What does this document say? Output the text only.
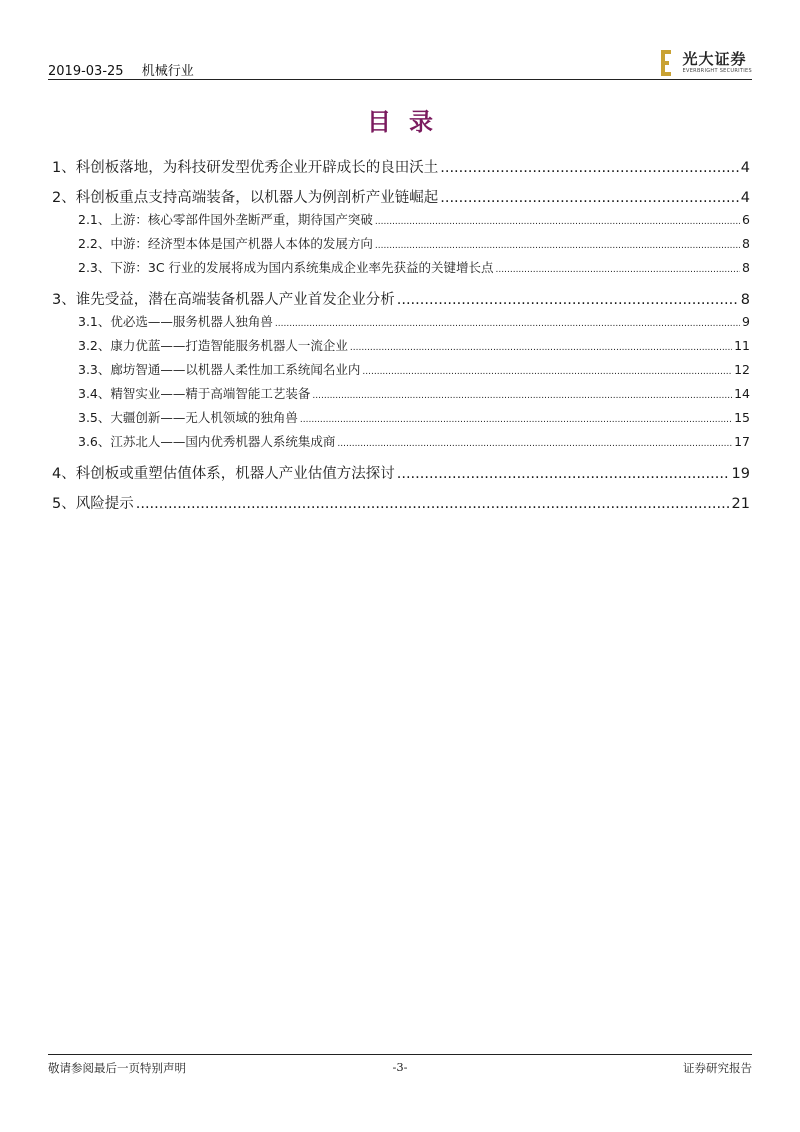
2019-03-25 机械行业
光大证券
EVERBRIGHT SECURITIES
目录
1、 科创板落地，为科技研发型优秀企业开辟成长的良田沃土 .....	4
2、 科创板重点支持高端装备，以机器人为例剖析产业链崛起 .....	4
2.1、 上游：核心零部件国外垄断严重，期待国产突破 .....	6
2.2、 中游：经济型本体是国产机器人本体的发展方向 .....	8
2.3、 下游：3C 行业的发展将成为国内系统集成企业率先获益的关键增长点 .....	8
3、 谁先受益，潜在高端装备机器人产业首发企业分析 .....	8
3.1、 优必选——服务机器人独角兽 .....	9
3.2、 康力优蓝——打造智能服务机器人一流企业 .....	11
3.3、 廊坊智通——以机器人柔性加工系统闻名业内 .....	12
3.4、 精智实业——精于高端智能工艺装备 .....	14
3.5、 大疆创新——无人机领域的独角兽 .....	15
3.6、 江苏北人——国内优秀机器人系统集成商 .....	17
4、 科创板或重塑估值体系，机器人产业估值方法探讨 .....	19
5、 风险提示 .....	21
敬请参阅最后一页特别声明	-3-	证券研究报告
